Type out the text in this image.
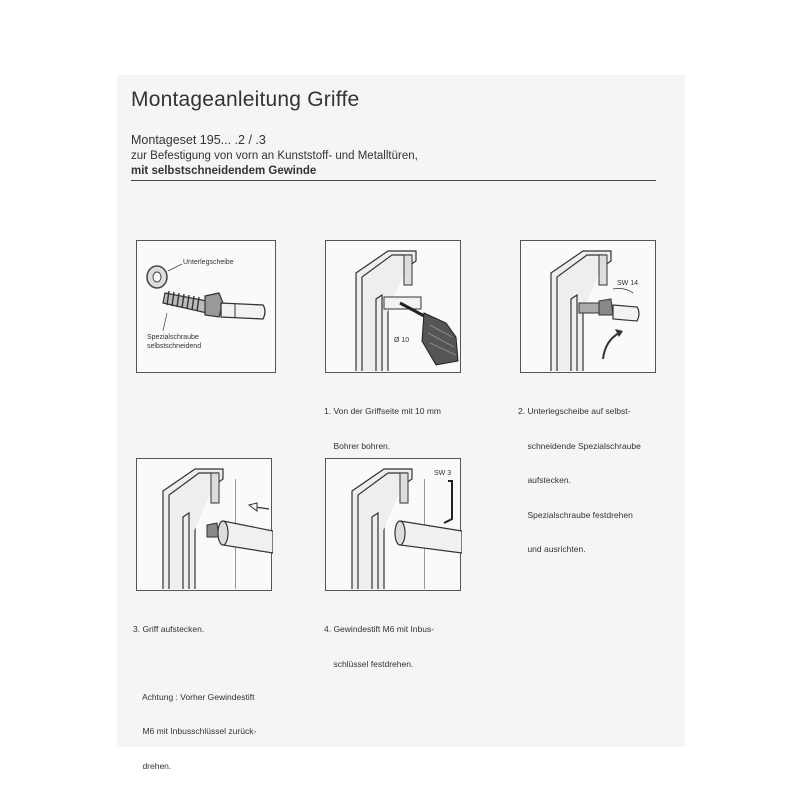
Montageanleitung Griffe
Montageset 195... .2 / .3
zur Befestigung von vorn an Kunststoff- und Metalltüren,
mit selbstschneidendem Gewinde
Unterlegscheibe
Spezialschraube
selbstschneidend
Ø 10
SW 14
SW 3

1. Von der Griffseite mit 10 mm

Bohrer bohren.

2. Unterlegscheibe auf selbst-

schneidende Spezialschraube

aufstecken.

Spezialschraube festdrehen

und ausrichten.

3. Griff aufstecken.

Achtung : Vorher Gewindestift

M6 mit Inbusschlüssel zurück-

drehen.

4. Gewindestift M6 mit Inbus-

schlüssel festdrehen.
